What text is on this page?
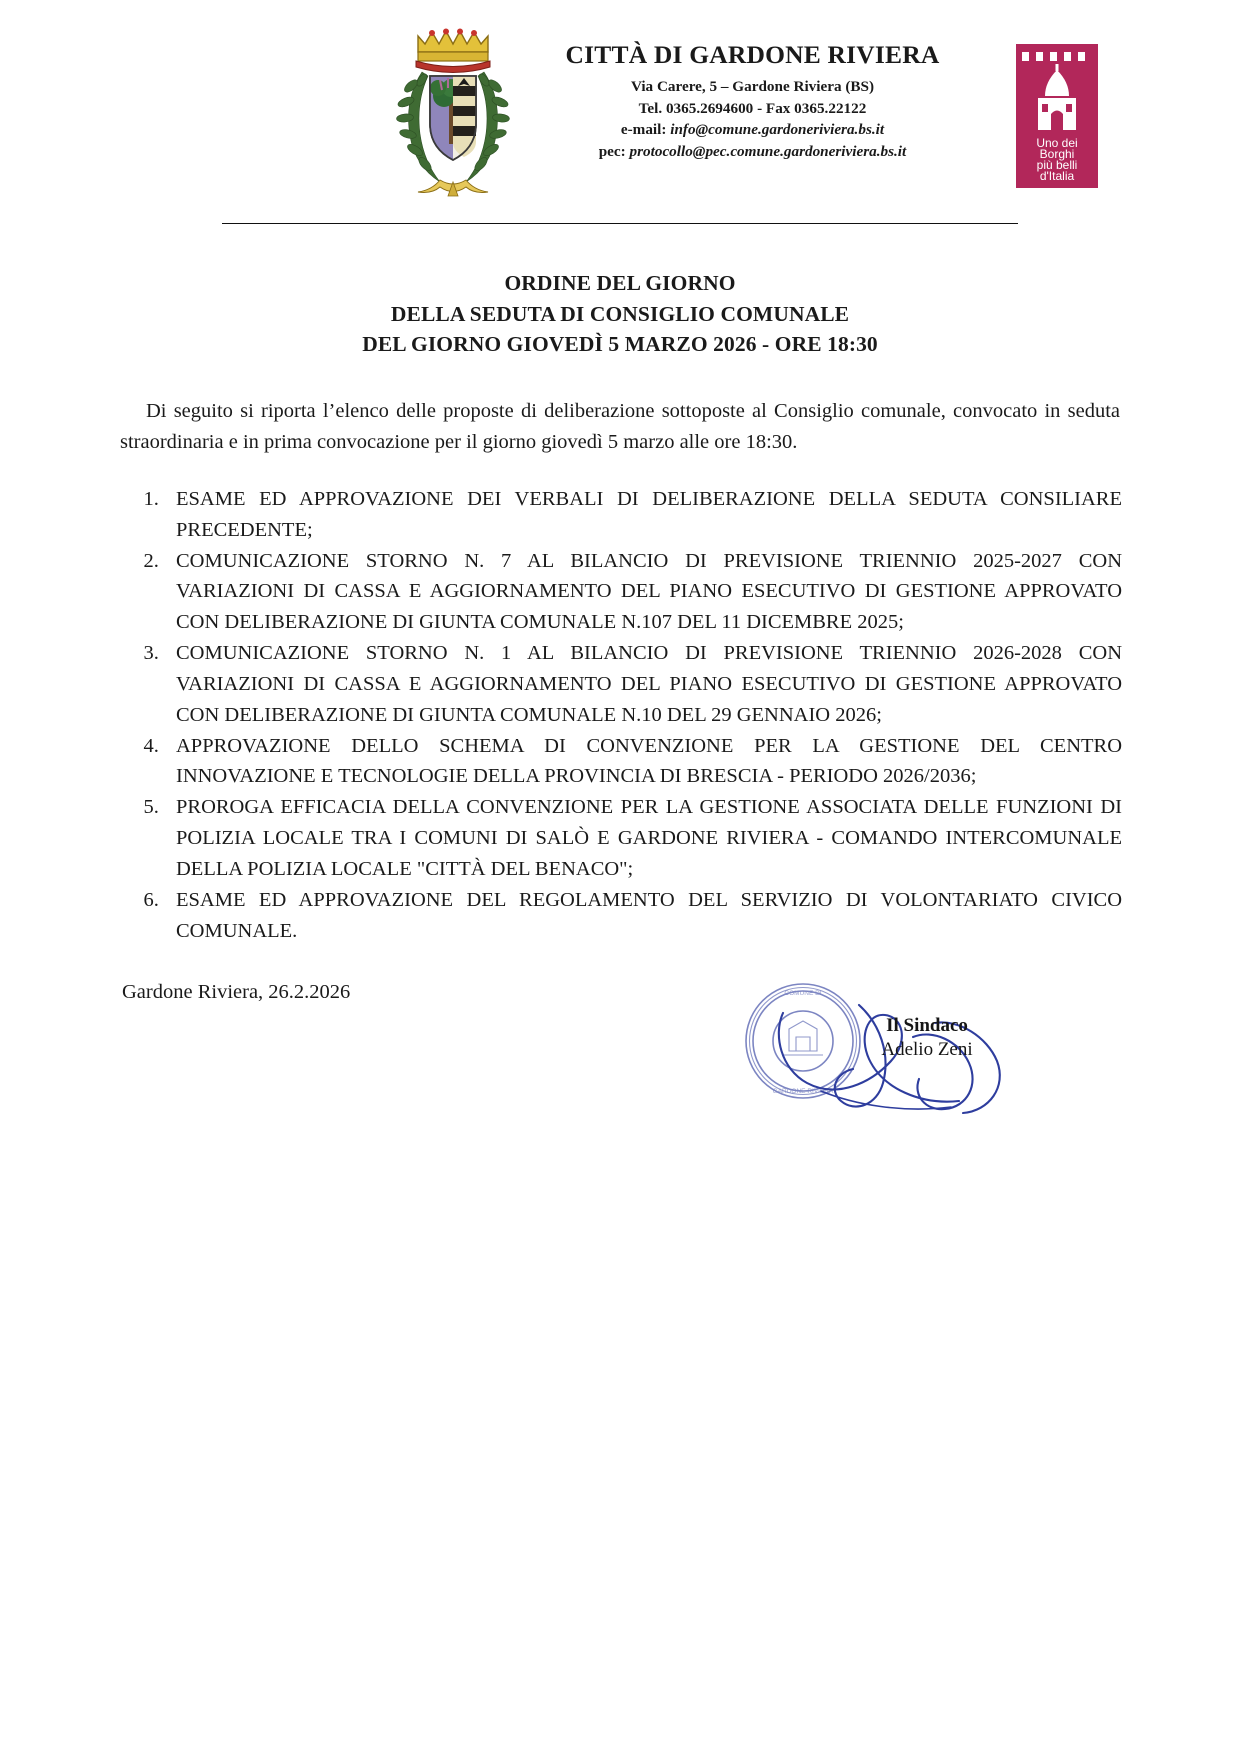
CITTÀ DI GARDONE RIVIERA
Via Carere, 5 – Gardone Riviera (BS)
Tel. 0365.2694600 - Fax 0365.22122
e-mail: info@comune.gardoneriviera.bs.it
pec: protocollo@pec.comune.gardoneriviera.bs.it	Uno dei
Borghi
più belli
d'Italia
ORDINE DEL GIORNO
DELLA SEDUTA DI CONSIGLIO COMUNALE
DEL GIORNO GIOVEDÌ 5 MARZO 2026 - ORE 18:30

Di seguito si riporta l’elenco delle proposte di deliberazione sottoposte al Consiglio comunale, convocato in seduta straordinaria e in prima convocazione per il giorno giovedì 5 marzo alle ore 18:30.

1. ESAME ED APPROVAZIONE DEI VERBALI DI DELIBERAZIONE DELLA SEDUTA CONSILIARE PRECEDENTE;
2. COMUNICAZIONE STORNO N. 7 AL BILANCIO DI PREVISIONE TRIENNIO 2025-2027 CON VARIAZIONI DI CASSA E AGGIORNAMENTO DEL PIANO ESECUTIVO DI GESTIONE APPROVATO CON DELIBERAZIONE DI GIUNTA COMUNALE N.107 DEL 11 DICEMBRE 2025;
3. COMUNICAZIONE STORNO N. 1 AL BILANCIO DI PREVISIONE TRIENNIO 2026-2028 CON VARIAZIONI DI CASSA E AGGIORNAMENTO DEL PIANO ESECUTIVO DI GESTIONE APPROVATO CON DELIBERAZIONE DI GIUNTA COMUNALE N.10 DEL 29 GENNAIO 2026;
4. APPROVAZIONE DELLO SCHEMA DI CONVENZIONE PER LA GESTIONE DEL CENTRO INNOVAZIONE E TECNOLOGIE DELLA PROVINCIA DI BRESCIA - PERIODO 2026/2036;
5. PROROGA EFFICACIA DELLA CONVENZIONE PER LA GESTIONE ASSOCIATA DELLE FUNZIONI DI POLIZIA LOCALE TRA I COMUNI DI SALÒ E GARDONE RIVIERA - COMANDO INTERCOMUNALE DELLA POLIZIA LOCALE "CITTÀ DEL BENACO";
6. ESAME ED APPROVAZIONE DEL REGOLAMENTO DEL SERVIZIO DI VOLONTARIATO CIVICO COMUNALE.
Gardone Riviera, 26.2.2026	COMUNE DI
GARDONE RIVIERA
Il Sindaco
Adelio Zeni
